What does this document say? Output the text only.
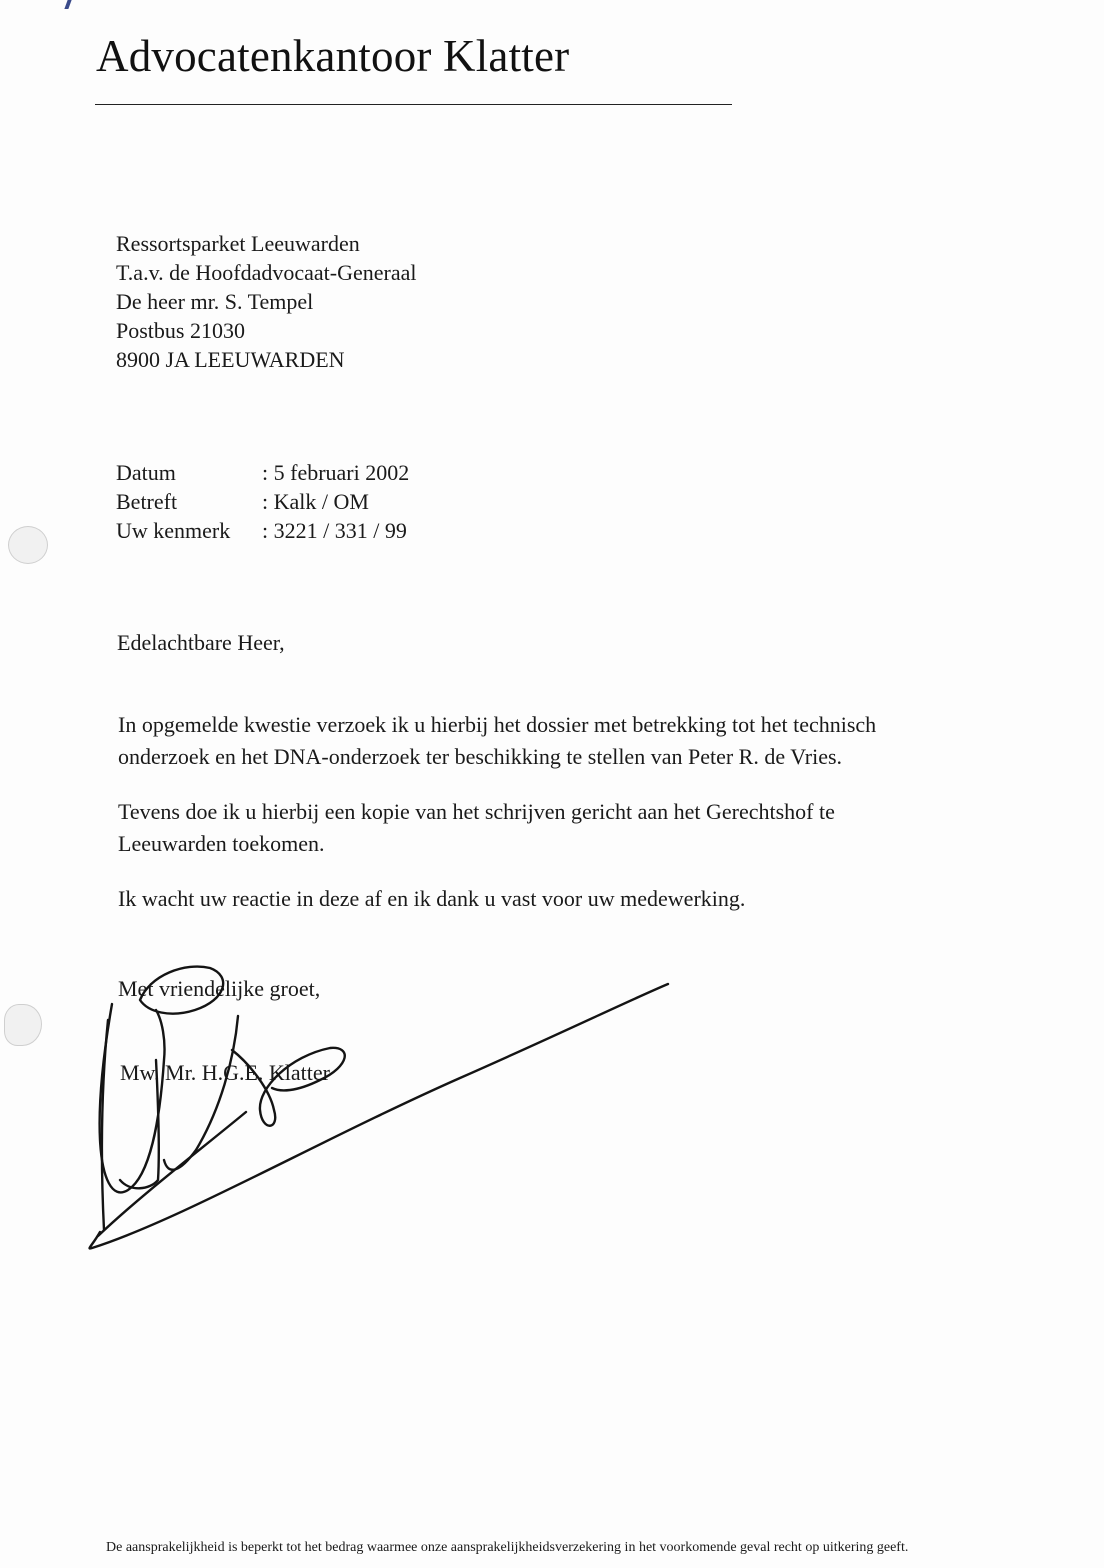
Advocatenkantoor Klatter
Ressortsparket Leeuwarden
T.a.v. de Hoofdadvocaat-Generaal
De heer mr. S. Tempel
Postbus 21030
8900 JA LEEUWARDEN
Datum	: 5 februari 2002
Betreft	: Kalk / OM
Uw kenmerk	: 3221 / 331 / 99
Edelachtbare Heer,
In opgemelde kwestie verzoek ik u hierbij het dossier met betrekking tot het technisch
onderzoek en het DNA-onderzoek ter beschikking te stellen van Peter R. de Vries.
Tevens doe ik u hierbij een kopie van het schrijven gericht aan het Gerechtshof te
Leeuwarden toekomen.
Ik wacht uw reactie in deze af en ik dank u vast voor uw medewerking.
Met vriendelijke groet,
Mw. Mr. H.G.E. Klatter
De aansprakelijkheid is beperkt tot het bedrag waarmee onze aansprakelijkheidsverzekering in het voorkomende geval recht op uitkering geeft.
